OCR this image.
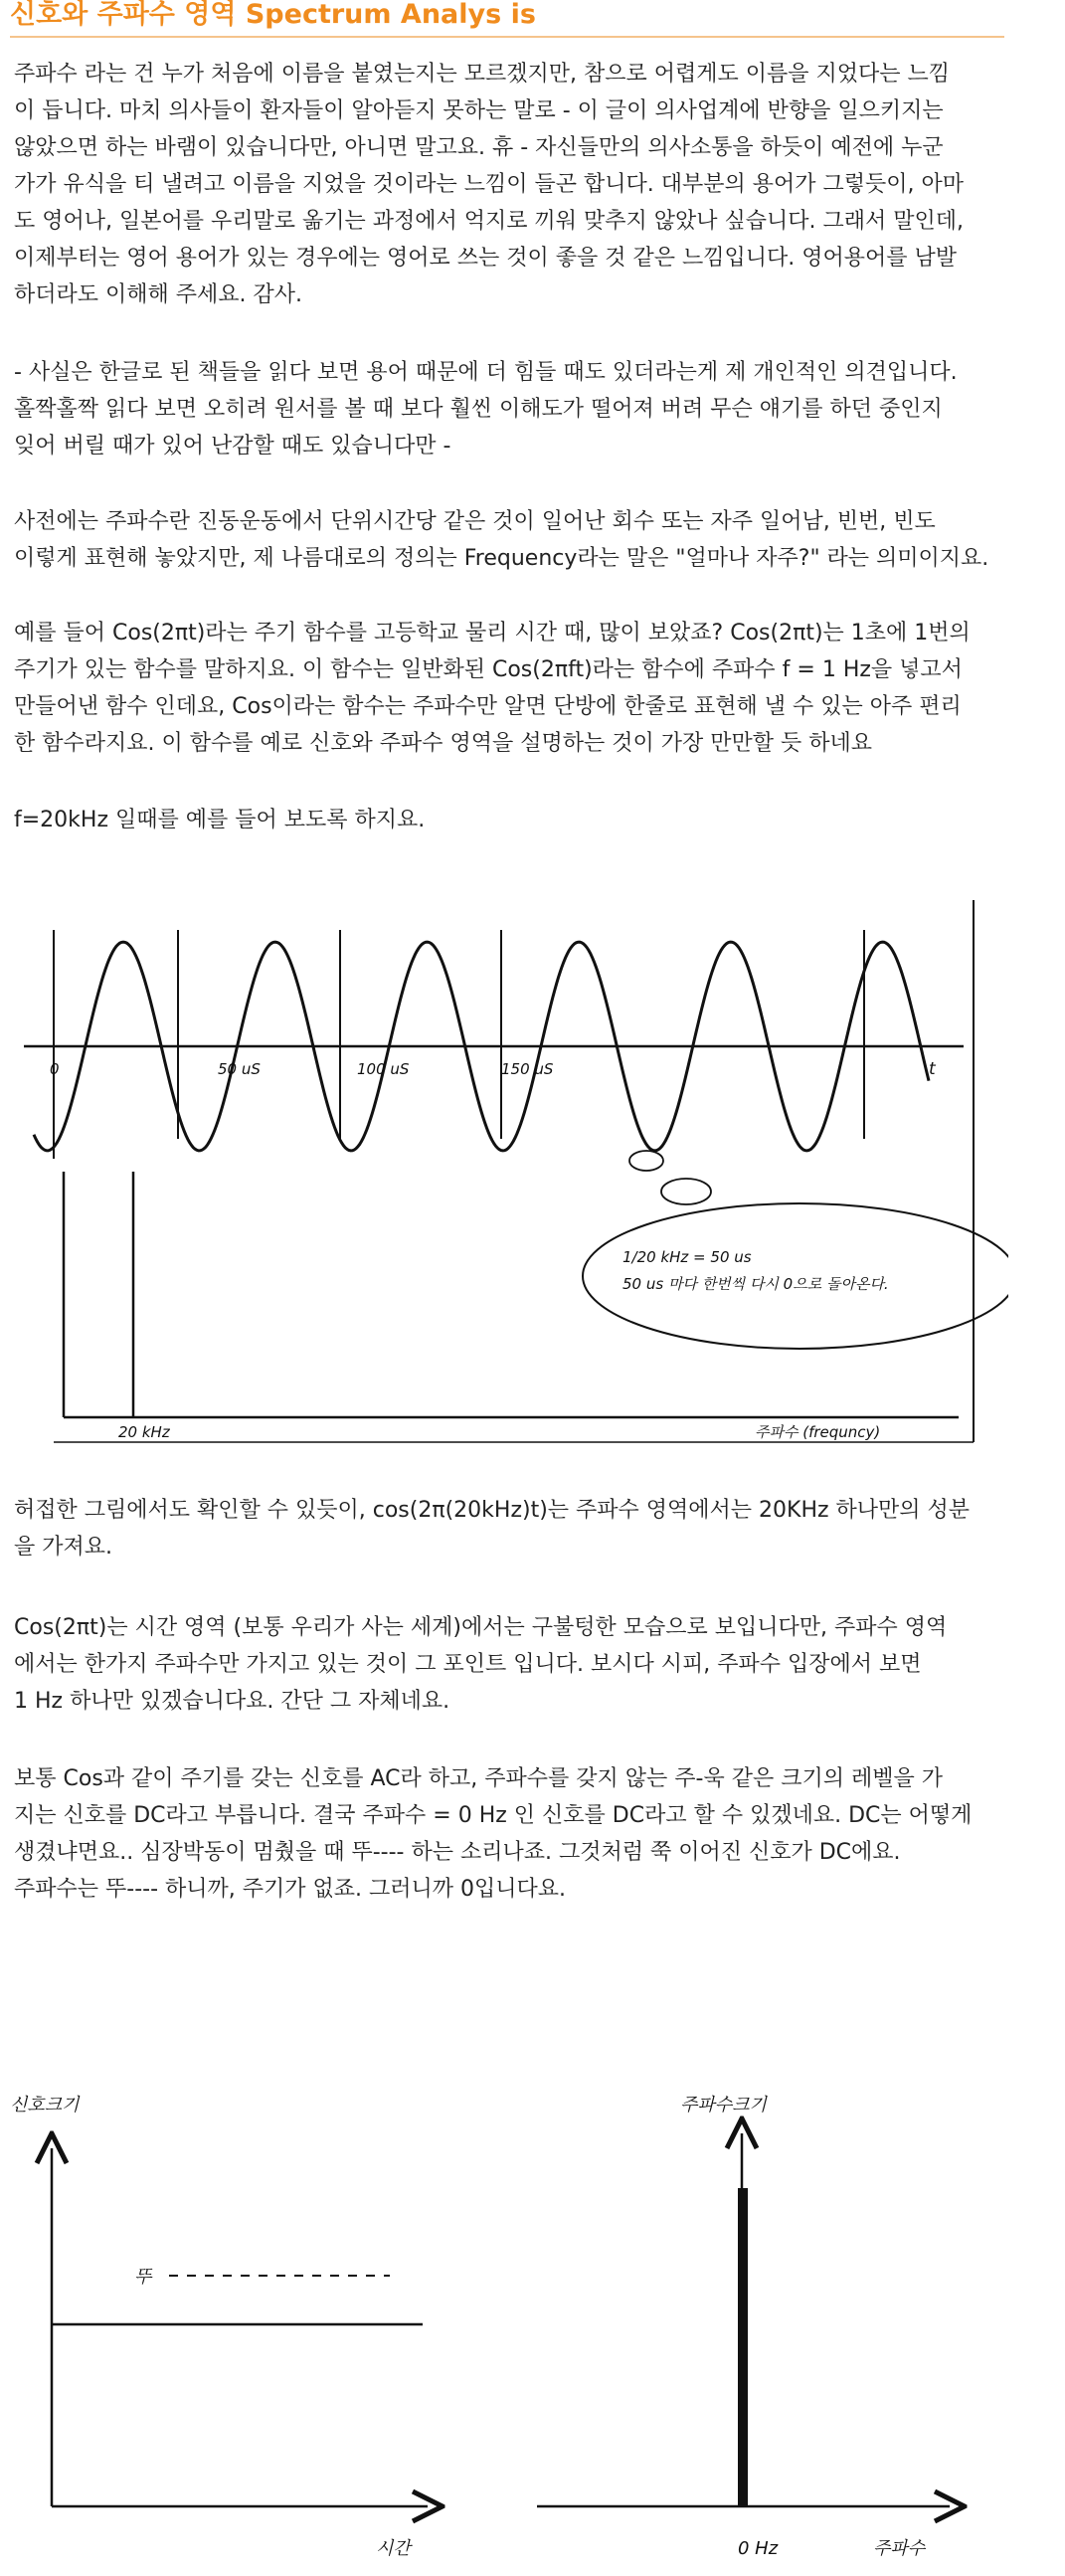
신호와 주파수 영역 Spectrum Analys is
주파수 라는 건 누가 처음에 이름을 붙였는지는 모르겠지만, 참으로 어렵게도 이름을 지었다는 느낌
이 듭니다. 마치 의사들이 환자들이 알아듣지 못하는 말로 - 이 글이 의사업계에 반향을 일으키지는
않았으면 하는 바램이 있습니다만, 아니면 말고요. 휴 - 자신들만의 의사소통을 하듯이 예전에 누군
가가 유식을 티 낼려고 이름을 지었을 것이라는 느낌이 들곤 합니다. 대부분의 용어가 그렇듯이, 아마
도 영어나, 일본어를 우리말로 옮기는 과정에서 억지로 끼워 맞추지 않았나 싶습니다. 그래서 말인데,
이제부터는 영어 용어가 있는 경우에는 영어로 쓰는 것이 좋을 것 같은 느낌입니다. 영어용어를 남발
하더라도 이해해 주세요. 감사.
- 사실은 한글로 된 책들을 읽다 보면 용어 때문에 더 힘들 때도 있더라는게 제 개인적인 의견입니다.
홀짝홀짝 읽다 보면 오히려 원서를 볼 때 보다 훨씬 이해도가 떨어져 버려 무슨 얘기를 하던 중인지
잊어 버릴 때가 있어 난감할 때도 있습니다만 -
사전에는 주파수란 진동운동에서 단위시간당 같은 것이 일어난 회수 또는 자주 일어남, 빈번, 빈도
이렇게 표현해 놓았지만, 제 나름대로의 정의는 Frequency라는 말은 "얼마나 자주?" 라는 의미이지요.
예를 들어 Cos(2πt)라는 주기 함수를 고등학교 물리 시간 때, 많이 보았죠? Cos(2πt)는 1초에 1번의
주기가 있는 함수를 말하지요. 이 함수는 일반화된 Cos(2πft)라는 함수에 주파수 f = 1 Hz을 넣고서
만들어낸 함수 인데요, Cos이라는 함수는 주파수만 알면 단방에 한줄로 표현해 낼 수 있는 아주 편리
한 함수라지요. 이 함수를 예로 신호와 주파수 영역을 설명하는 것이 가장 만만할 듯 하네요
f=20kHz 일때를 예를 들어 보도록 하지요.
0	50 uS	100 uS	150 uS	t
20 kHz	주파수 (frequncy)
1/20 kHz = 50 us
50 us 마다 한번씩 다시 0으로 돌아온다.
허접한 그림에서도 확인할 수 있듯이, cos(2π(20kHz)t)는 주파수 영역에서는 20KHz 하나만의 성분
을 가져요.
Cos(2πt)는 시간 영역 (보통 우리가 사는 세계)에서는 구불텅한 모습으로 보입니다만, 주파수 영역
에서는 한가지 주파수만 가지고 있는 것이 그 포인트 입니다. 보시다 시피, 주파수 입장에서 보면
1 Hz 하나만 있겠습니다요. 간단 그 자체네요.
보통 Cos과 같이 주기를 갖는 신호를 AC라 하고, 주파수를 갖지 않는 주-욱 같은 크기의 레벨을 가
지는 신호를 DC라고 부릅니다. 결국 주파수 = 0 Hz 인 신호를 DC라고 할 수 있겠네요. DC는 어떻게
생겼냐면요.. 심장박동이 멈췄을 때 뚜---- 하는 소리나죠. 그것처럼 쭉 이어진 신호가 DC에요.
주파수는 뚜---- 하니까, 주기가 없죠. 그러니까 0입니다요.
신호크기
뚜
시간
주파수크기
0 Hz	주파수
